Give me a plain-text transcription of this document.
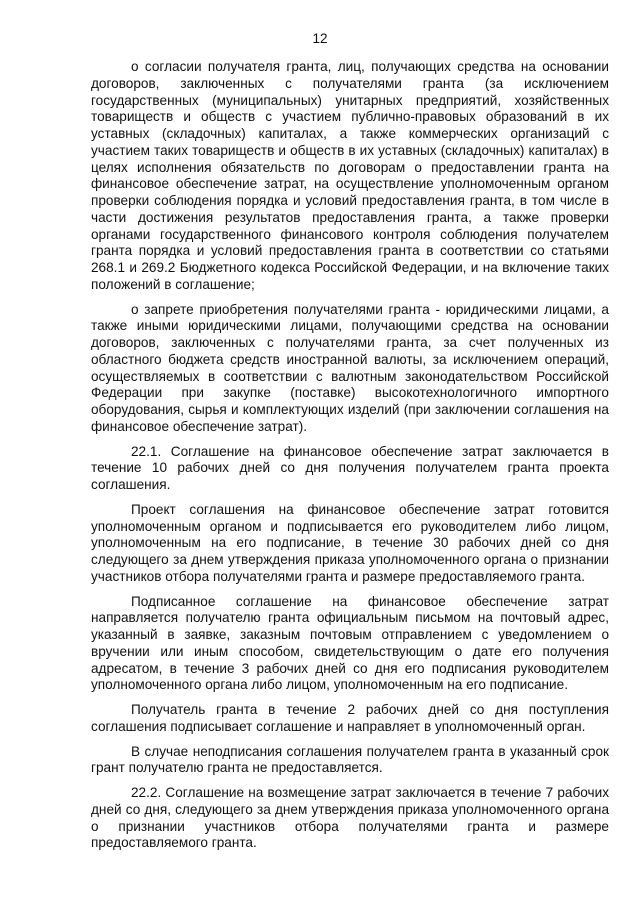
12

о согласии получателя гранта, лиц, получающих средства на основании договоров, заключенных с получателями гранта (за исключением государственных (муниципальных) унитарных предприятий, хозяйственных товариществ и обществ с участием публично-правовых образований в их уставных (складочных) капиталах, а также коммерческих организаций с участием таких товариществ и обществ в их уставных (складочных) капиталах) в целях исполнения обязательств по договорам о предоставлении гранта на финансовое обеспечение затрат, на осуществление уполномоченным органом проверки соблюдения порядка и условий предоставления гранта, в том числе в части достижения результатов предоставления гранта, а также проверки органами государственного финансового контроля соблюдения получателем гранта порядка и условий предоставления гранта в соответствии со статьями 268.1 и 269.2 Бюджетного кодекса Российской Федерации, и на включение таких положений в соглашение;

о запрете приобретения получателями гранта - юридическими лицами, а также иными юридическими лицами, получающими средства на основании договоров, заключенных с получателями гранта, за счет полученных из областного бюджета средств иностранной валюты, за исключением операций, осуществляемых в соответствии с валютным законодательством Российской Федерации при закупке (поставке) высокотехнологичного импортного оборудования, сырья и комплектующих изделий (при заключении соглашения на финансовое обеспечение затрат).

22.1. Соглашение на финансовое обеспечение затрат заключается в течение 10 рабочих дней со дня получения получателем гранта проекта соглашения.

Проект соглашения на финансовое обеспечение затрат готовится уполномоченным органом и подписывается его руководителем либо лицом, уполномоченным на его подписание, в течение 30 рабочих дней со дня следующего за днем утверждения приказа уполномоченного органа о признании участников отбора получателями гранта и размере предоставляемого гранта.

Подписанное соглашение на финансовое обеспечение затрат направляется получателю гранта официальным письмом на почтовый адрес, указанный в заявке, заказным почтовым отправлением с уведомлением о вручении или иным способом, свидетельствующим о дате его получения адресатом, в течение 3 рабочих дней со дня его подписания руководителем уполномоченного органа либо лицом, уполномоченным на его подписание.

Получатель гранта в течение 2 рабочих дней со дня поступления соглашения подписывает соглашение и направляет в уполномоченный орган.

В случае неподписания соглашения получателем гранта в указанный срок грант получателю гранта не предоставляется.

22.2. Соглашение на возмещение затрат заключается в течение 7 рабочих дней со дня, следующего за днем утверждения приказа уполномоченного органа о признании участников отбора получателями гранта и размере предоставляемого гранта.
